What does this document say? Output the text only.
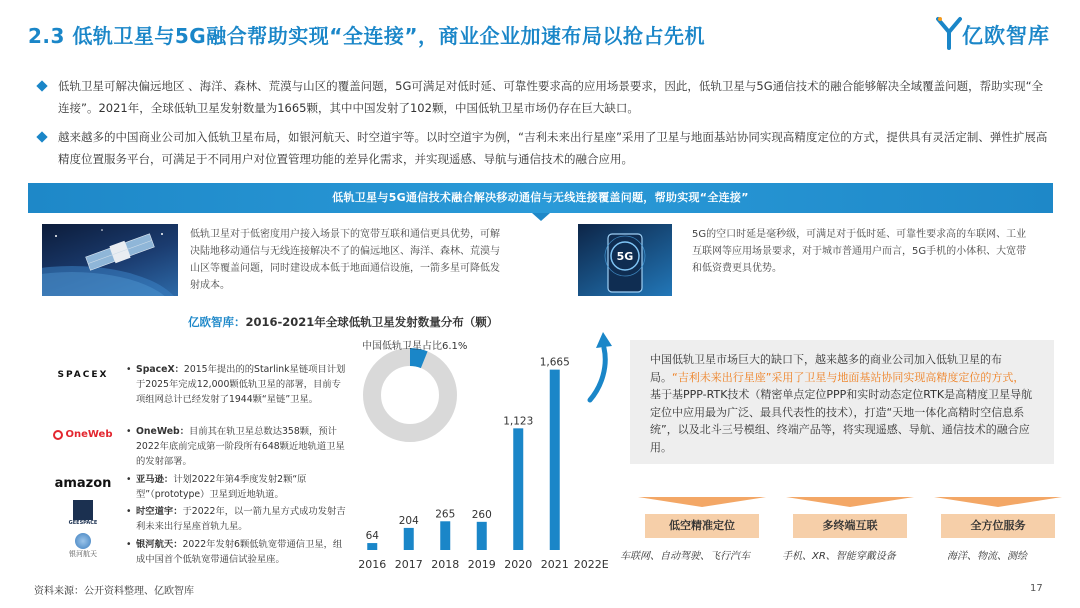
2.3 低轨卫星与5G融合帮助实现“全连接”，商业企业加速布局以抢占先机	亿欧智库
低轨卫星可解决偏远地区 、海洋、森林、荒漠与山区的覆盖问题，5G可满足对低时延、可靠性要求高的应用场景要求，因此，低轨卫星与5G通信技术的融合能够解决全域覆盖问题，帮助实现“全连接”。2021年，全球低轨卫星发射数量为1665颗，其中中国发射了102颗，中国低轨卫星市场仍存在巨大缺口。
越来越多的中国商业公司加入低轨卫星布局，如银河航天、时空道宇等。以时空道宇为例，“吉利未来出行星座”采用了卫星与地面基站协同实现高精度定位的方式，提供具有灵活定制、弹性扩展高精度位置服务平台，可满足于不同用户对位置管理功能的差异化需求，并实现遥感、导航与通信技术的融合应用。
低轨卫星与5G通信技术融合解决移动通信与无线连接覆盖问题，帮助实现“全连接”
低轨卫星对于低密度用户接入场景下的宽带互联和通信更具优势，可解决陆地移动通信与无线连接解决不了的偏远地区、海洋、森林、荒漠与山区等覆盖问题，同时建设成本低于地面通信设施，一箭多星可降低发射成本。
5G
5G的空口时延是毫秒级，可满足对于低时延、可靠性要求高的车联网、工业互联网等应用场景要求，对于城市普通用户而言，5G手机的小体积、大宽带和低资费更具优势。
亿欧智库：2016-2021年全球低轨卫星发射数量分布（颗）
SPACEX	• SpaceX：2015年提出的的Starlink星链项目计划于2025年完成12,000颗低轨卫星的部署，目前专项组网总计已经发射了1944颗“星链”卫星。
OneWeb • OneWeb：目前其在轨卫星总数达358颗，预计2022年底前完成第一阶段所有648颗近地轨道卫星的发射部署。
amazon • 亚马逊：计划2022年第4季度发射2颗“原型”（prototype）卫星到近地轨道。
GEESPACE
• 时空道宇：于2022年，以一箭九星方式成功发射吉利未来出行星座首轨九星。
银河航天
• 银河航天：2022年发射6颗低轨宽带通信卫星，组成中国首个低轨宽带通信试验星座。
中国低轨卫星占比6.1%
64
2016
204
2017
265
2018
260
2019
1,123
2020
1,665
2021 2022E
中国低轨卫星市场巨大的缺口下，越来越多的商业公司加入低轨卫星的布局。“吉利未来出行星座”采用了卫星与地面基站协同实现高精度定位的方式，基于基PPP-RTK技术（精密单点定位PPP和实时动态定位RTK是高精度卫星导航定位中应用最为广泛、最具代表性的技术），打造“天地一体化高精时空信息系统”，以及北斗三号模组、终端产品等，将实现遥感、导航、通信技术的融合应用。
低空精准定位	多终端互联	全方位服务
车联网、自动驾驶、飞行汽车	手机、XR、智能穿戴设备	海洋、物流、测绘
资料来源：公开资料整理、亿欧智库	17
